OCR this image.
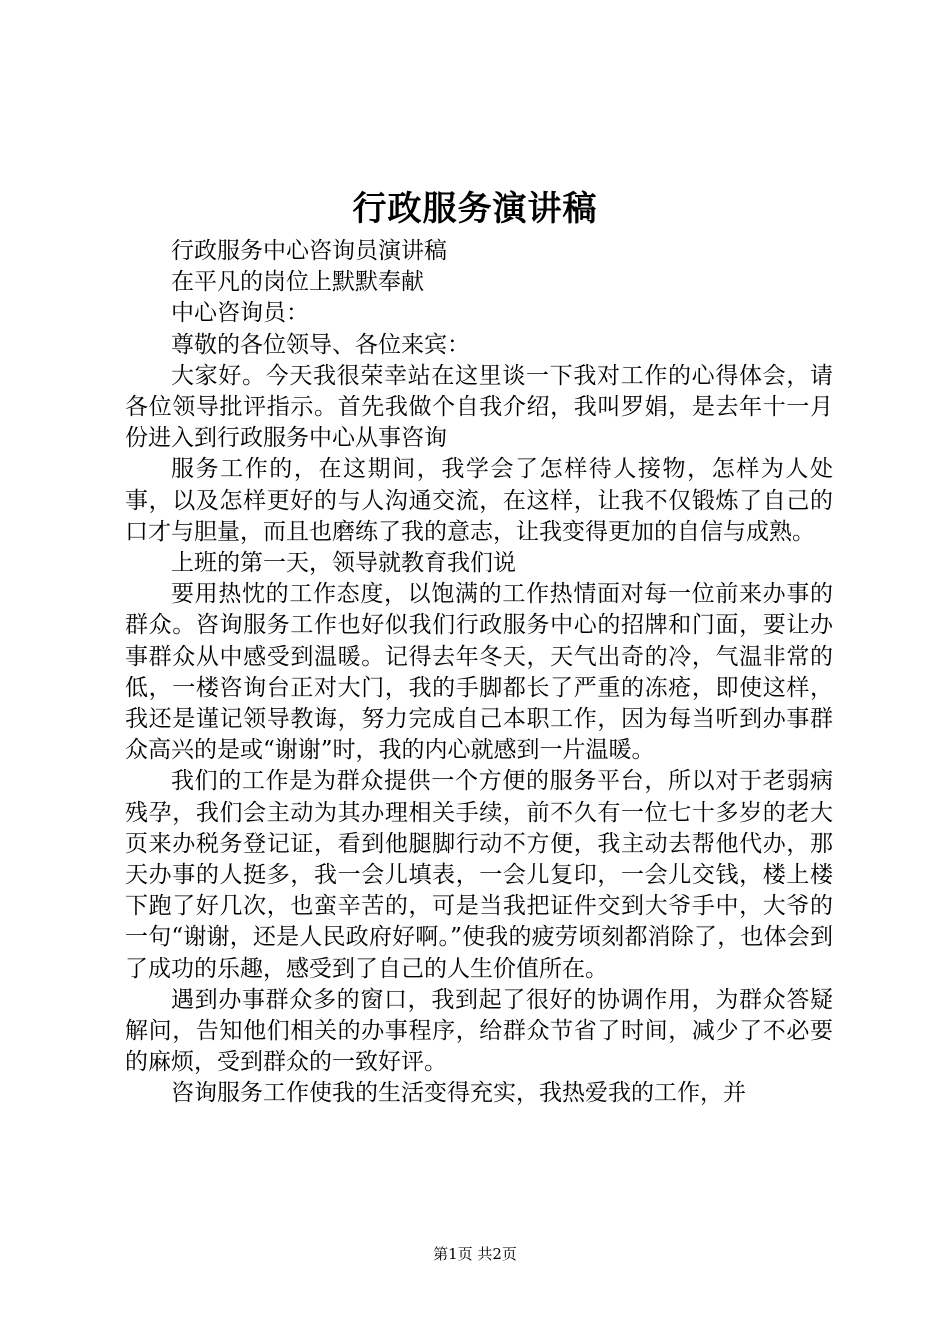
行政服务演讲稿

行政服务中心咨询员演讲稿

在平凡的岗位上默默奉献

中心咨询员：

尊敬的各位领导、各位来宾：

大家好。今天我很荣幸站在这里谈一下我对工作的心得体会，请各位领导批评指示。首先我做个自我介绍，我叫罗娟，是去年十一月份进入到行政服务中心从事咨询

服务工作的，在这期间，我学会了怎样待人接物，怎样为人处事，以及怎样更好的与人沟通交流，在这样，让我不仅锻炼了自己的口才与胆量，而且也磨练了我的意志，让我变得更加的自信与成熟。

上班的第一天，领导就教育我们说

要用热忱的工作态度，以饱满的工作热情面对每一位前来办事的群众。咨询服务工作也好似我们行政服务中心的招牌和门面，要让办事群众从中感受到温暖。记得去年冬天，天气出奇的冷，气温非常的低，一楼咨询台正对大门，我的手脚都长了严重的冻疮，即使这样，我还是谨记领导教诲，努力完成自己本职工作，因为每当听到办事群众高兴的是或“谢谢”时，我的内心就感到一片温暖。

我们的工作是为群众提供一个方便的服务平台，所以对于老弱病残孕，我们会主动为其办理相关手续，前不久有一位七十多岁的老大页来办税务登记证，看到他腿脚行动不方便，我主动去帮他代办，那天办事的人挺多，我一会儿填表，一会儿复印，一会儿交钱，楼上楼下跑了好几次，也蛮辛苦的，可是当我把证件交到大爷手中，大爷的一句“谢谢，还是人民政府好啊。”使我的疲劳顷刻都消除了，也体会到了成功的乐趣，感受到了自己的人生价值所在。

遇到办事群众多的窗口，我到起了很好的协调作用，为群众答疑解问，告知他们相关的办事程序，给群众节省了时间，减少了不必要的麻烦，受到群众的一致好评。

咨询服务工作使我的生活变得充实，我热爱我的工作，并

第1页 共2页
